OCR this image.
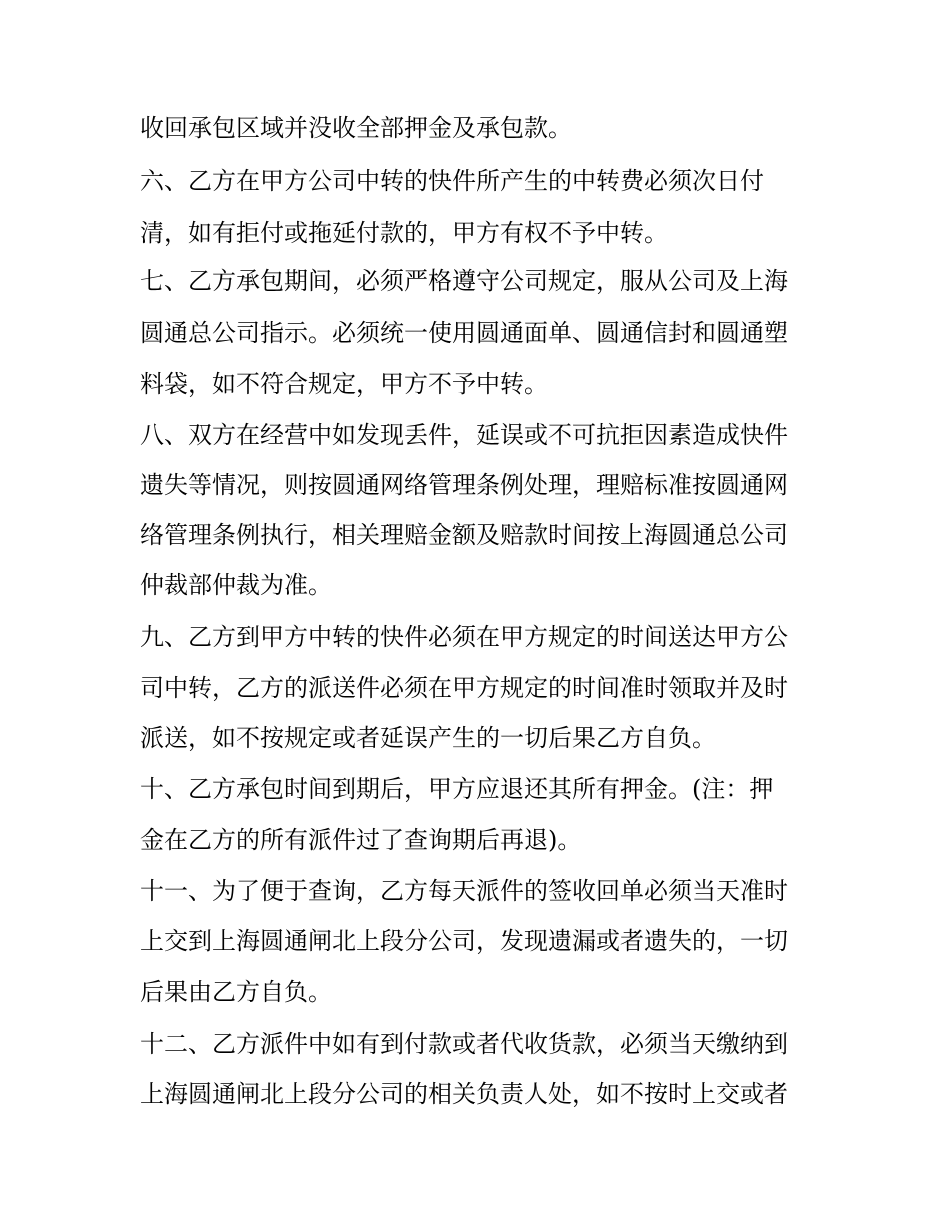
收回承包区域并没收全部押金及承包款。

六、乙方在甲方公司中转的快件所产生的中转费必须次日付

清，如有拒付或拖延付款的，甲方有权不予中转。

七、乙方承包期间，必须严格遵守公司规定，服从公司及上海

圆通总公司指示。必须统一使用圆通面单、圆通信封和圆通塑

料袋，如不符合规定，甲方不予中转。

八、双方在经营中如发现丢件，延误或不可抗拒因素造成快件

遗失等情况，则按圆通网络管理条例处理，理赔标准按圆通网

络管理条例执行，相关理赔金额及赔款时间按上海圆通总公司

仲裁部仲裁为准。

九、乙方到甲方中转的快件必须在甲方规定的时间送达甲方公

司中转，乙方的派送件必须在甲方规定的时间准时领取并及时

派送，如不按规定或者延误产生的一切后果乙方自负。

十、乙方承包时间到期后，甲方应退还其所有押金。(注：押

金在乙方的所有派件过了查询期后再退)。

十一、为了便于查询，乙方每天派件的签收回单必须当天准时

上交到上海圆通闸北上段分公司，发现遗漏或者遗失的，一切

后果由乙方自负。

十二、乙方派件中如有到付款或者代收货款，必须当天缴纳到

上海圆通闸北上段分公司的相关负责人处，如不按时上交或者
